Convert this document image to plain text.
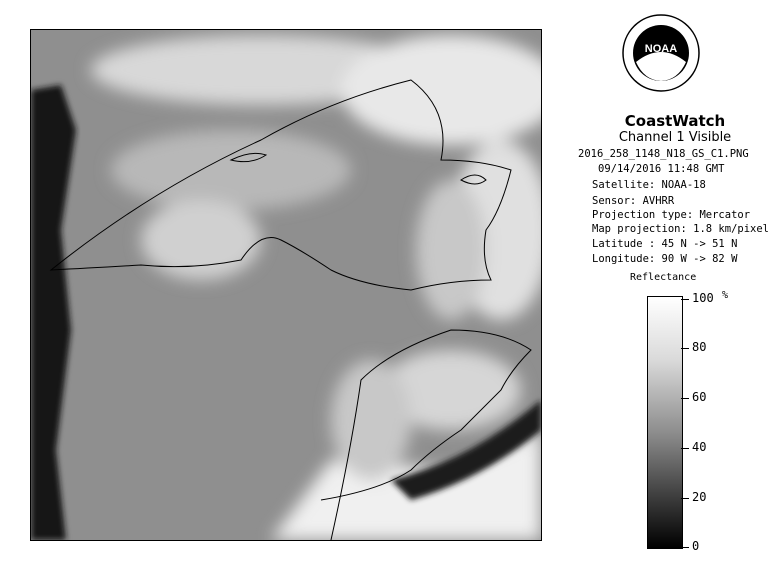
NOAA
CoastWatch
Channel 1 Visible
2016_258_1148_N18_GS_C1.PNG
09/14/2016 11:48 GMT
Satellite: NOAA-18
Sensor: AVHRR
Projection type: Mercator
Map projection: 1.8 km/pixel
Latitude : 45 N -> 51 N
Longitude: 90 W -> 82 W
Reflectance
%
100
80
60
40
20
0
